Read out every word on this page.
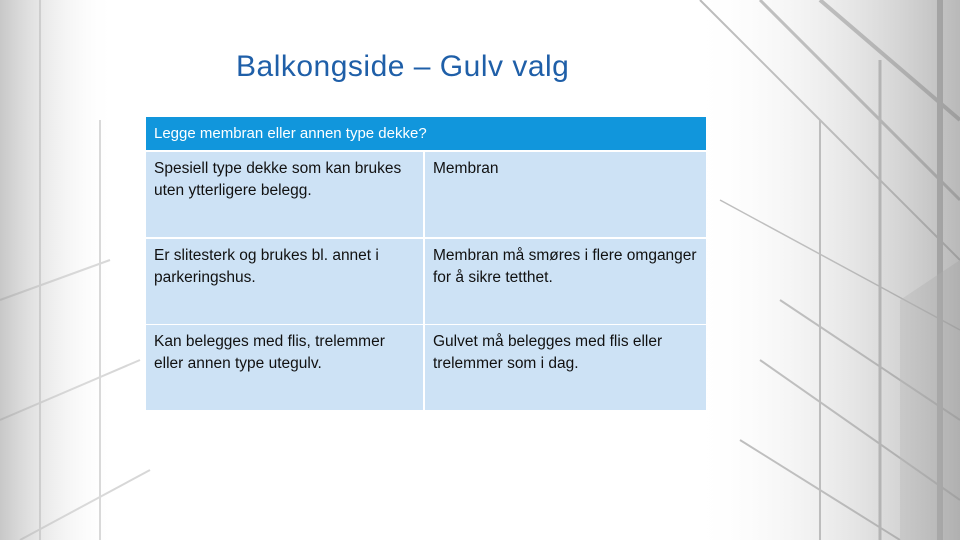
Balkongside – Gulv valg
Legge membran eller annen type dekke?
Spesiell type dekke som kan brukes uten ytterligere belegg.
Membran
Er slitesterk og brukes bl. annet i parkeringshus.
Membran må smøres i flere omganger for å sikre tetthet.
Kan belegges med flis, trelemmer eller annen type utegulv.
Gulvet må belegges med flis eller trelemmer som i dag.
